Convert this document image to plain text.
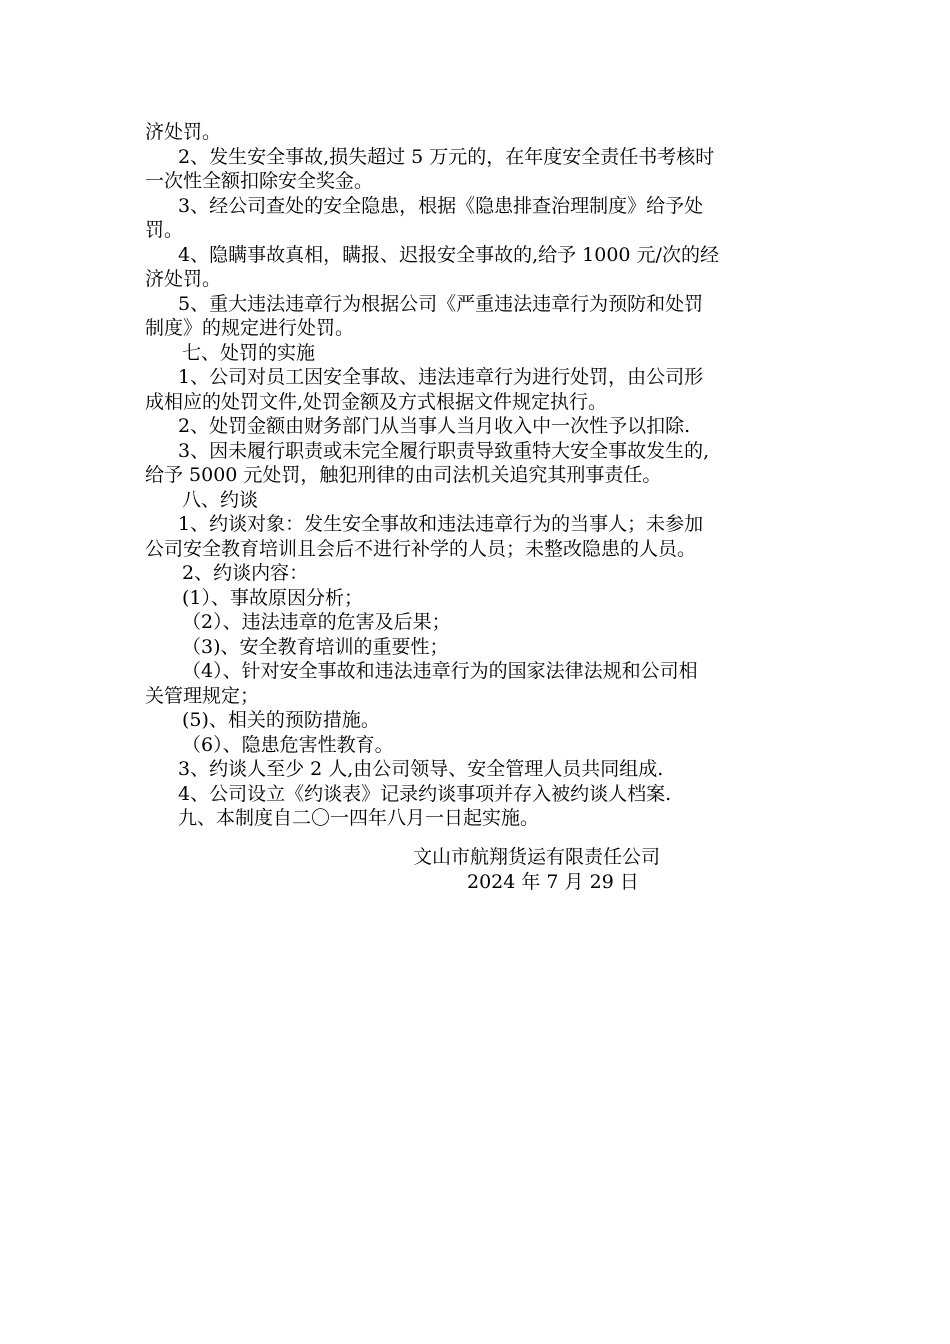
济处罚。
2、发生安全事故,损失超过 5 万元的，在年度安全责任书考核时
一次性全额扣除安全奖金。
3、经公司查处的安全隐患，根据《隐患排查治理制度》给予处
罚。
4、隐瞒事故真相，瞒报、迟报安全事故的,给予 1000 元/次的经
济处罚。
5、重大违法违章行为根据公司《严重违法违章行为预防和处罚
制度》的规定进行处罚。
七、处罚的实施
1、公司对员工因安全事故、违法违章行为进行处罚，由公司形
成相应的处罚文件,处罚金额及方式根据文件规定执行。
2、处罚金额由财务部门从当事人当月收入中一次性予以扣除.
3、因未履行职责或未完全履行职责导致重特大安全事故发生的,
给予 5000 元处罚，触犯刑律的由司法机关追究其刑事责任。
八、约谈
1、约谈对象：发生安全事故和违法违章行为的当事人；未参加
公司安全教育培训且会后不进行补学的人员；未整改隐患的人员。
2、约谈内容：
(1）、事故原因分析；
（2）、违法违章的危害及后果；
（3)、安全教育培训的重要性；
（4）、针对安全事故和违法违章行为的国家法律法规和公司相
关管理规定；
(5)、相关的预防措施。
（6）、隐患危害性教育。
3、约谈人至少 2 人,由公司领导、安全管理人员共同组成.
4、公司设立《约谈表》记录约谈事项并存入被约谈人档案.
九、本制度自二〇一四年八月一日起实施。
文山市航翔货运有限责任公司
2024 年 7 月 29 日
